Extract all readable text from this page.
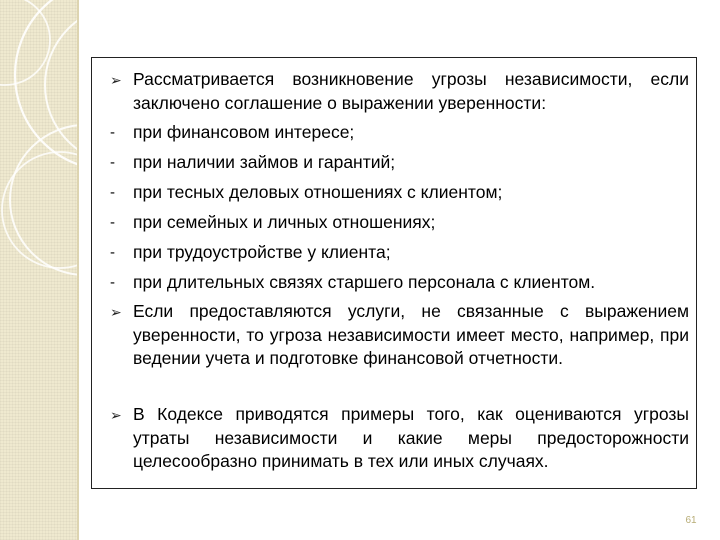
➢ Рассматривается возникновение угрозы независимости, если заключено соглашение о выражении уверенности:
-	при финансовом интересе;
-	при наличии займов и гарантий;
-	при тесных деловых отношениях с клиентом;
-	при семейных и личных отношениях;
-	при трудоустройстве у клиента;
-	при длительных связях старшего персонала с клиентом.
➢ Если предоставляются услуги, не связанные с выражением уверенности, то угроза независимости имеет место, например, при ведении учета и подготовке финансовой отчетности.
➢ В Кодексе приводятся примеры того, как оцениваются угрозы утраты независимости и какие меры предосторожности целесообразно принимать в тех или иных случаях.
61
